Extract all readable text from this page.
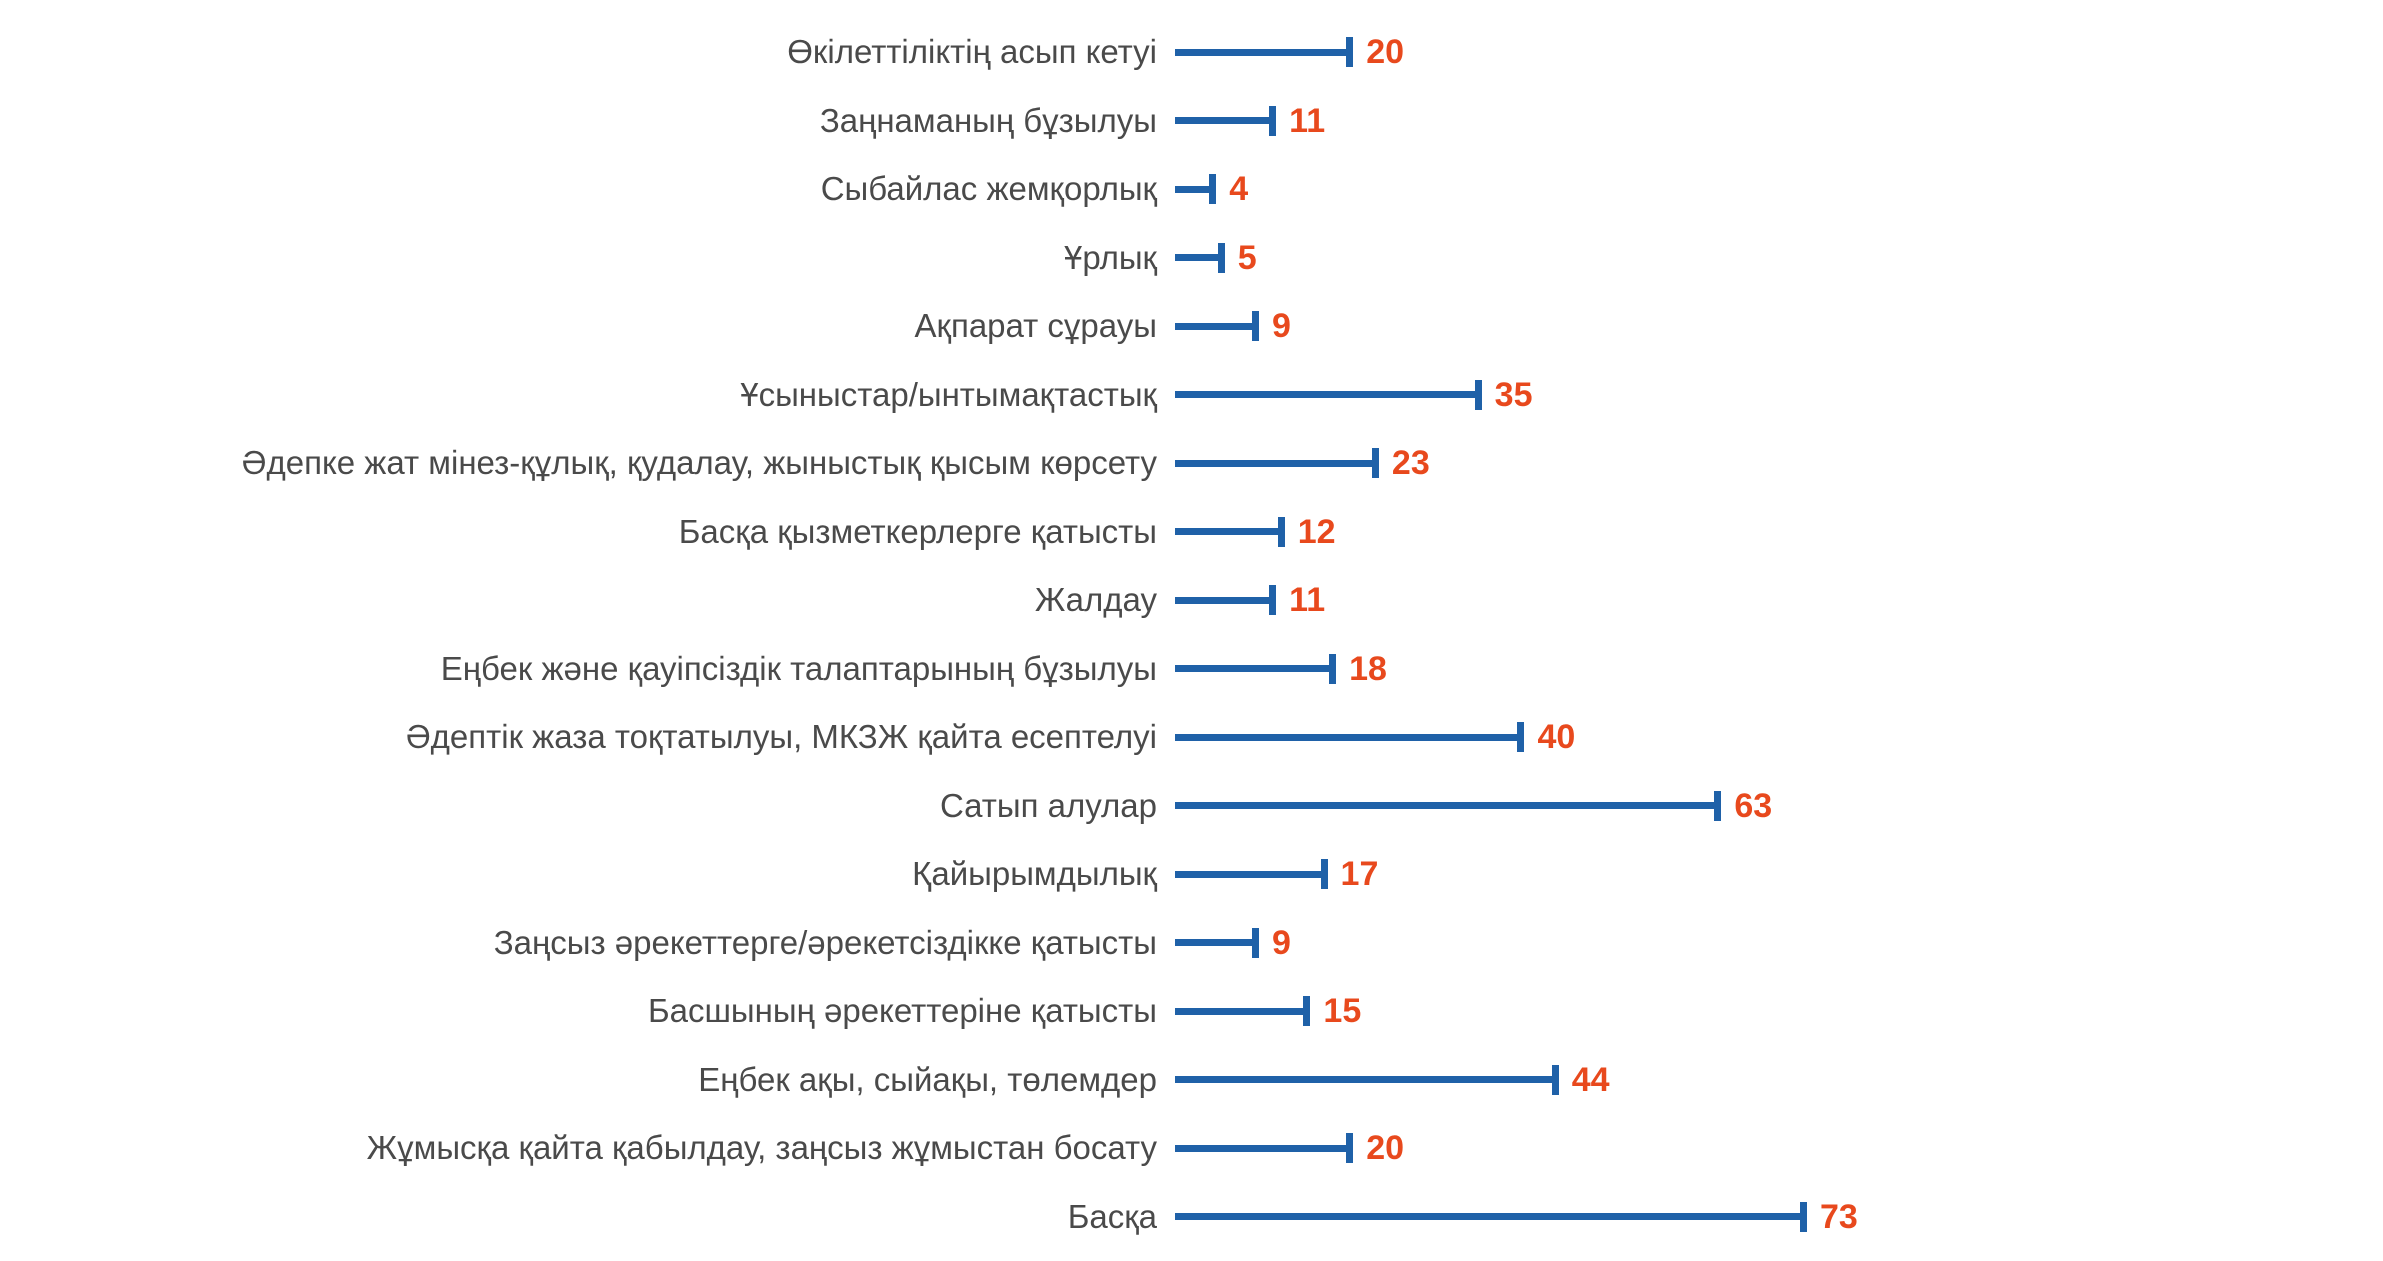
Өкілеттіліктің асып кетуі	20
Заңнаманың бұзылуы	11
Сыбайлас жемқорлық	4
Ұрлық	5
Ақпарат сұрауы	9
Ұсыныстар/ынтымақтастық	35
Әдепке жат мінез-құлық, қудалау, жыныстық қысым көрсету	23
Басқа қызметкерлерге қатысты	12
Жалдау	11
Еңбек және қауіпсіздік талаптарының бұзылуы	18
Әдептік жаза тоқтатылуы, МКЗЖ қайта есептелуі	40
Сатып алулар	63
Қайырымдылық	17
Заңсыз әрекеттерге/әрекетсіздікке қатысты	9
Басшының әрекеттеріне қатысты	15
Еңбек ақы, сыйақы, төлемдер	44
Жұмысқа қайта қабылдау, заңсыз жұмыстан босату	20
Басқа	73
